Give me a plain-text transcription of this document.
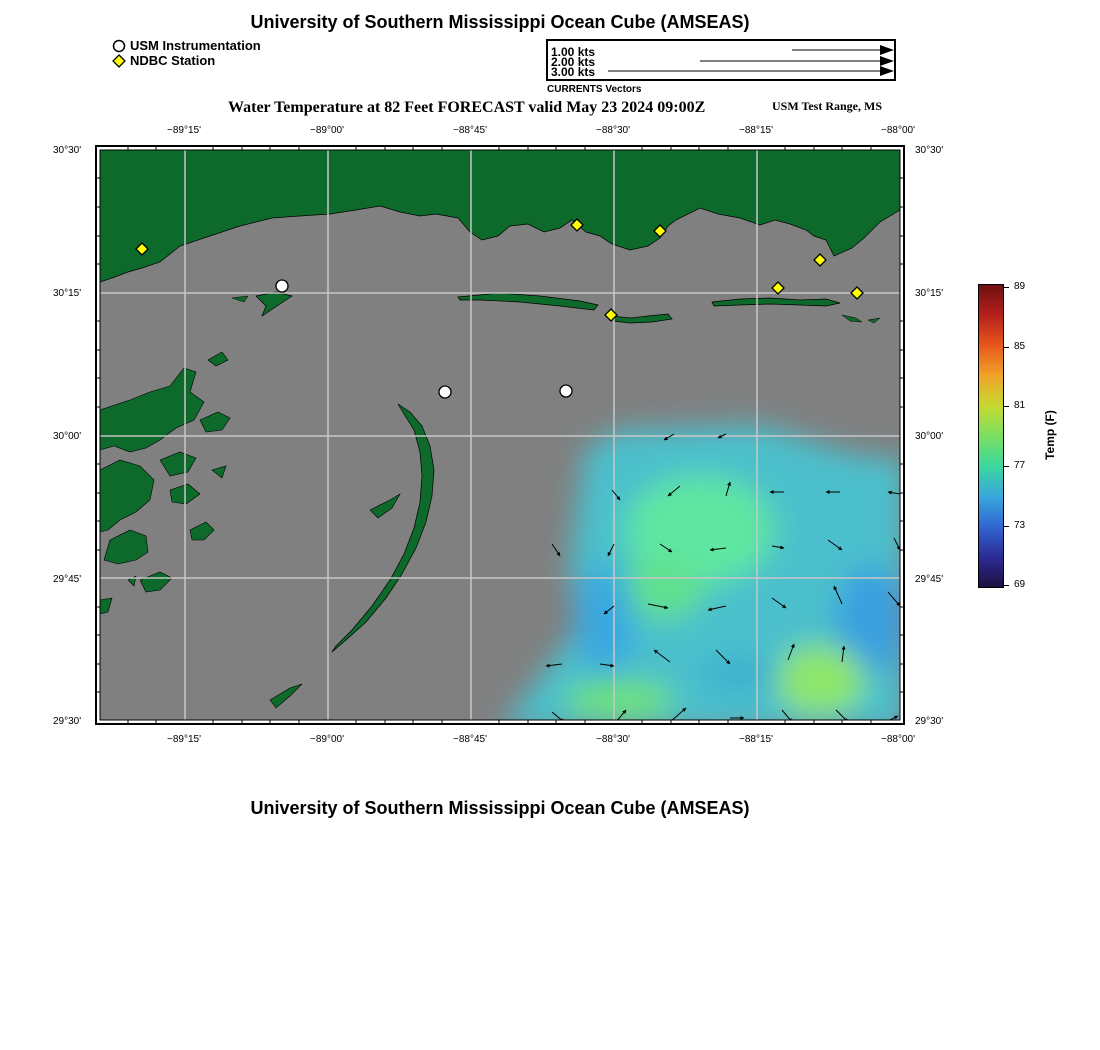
University of Southern Mississippi Ocean Cube (AMSEAS)
USM Instrumentation
NDBC Station
1.00 kts
2.00 kts
3.00 kts
CURRENTS Vectors
Water Temperature at 82 Feet FORECAST valid May 23 2024 09:00Z	USM Test Range, MS
−89°15'	−89°00'	−88°45'	−88°30'	−88°15'	−88°00'
−89°15'	−89°00'	−88°45'	−88°30'	−88°15'	−88°00'
30°30'
30°15'
30°00'
29°45'
29°30'
30°30'
30°15'
30°00'
29°45'
29°30'
89
85
81
77
73
69
Temp (F)
University of Southern Mississippi Ocean Cube (AMSEAS)
